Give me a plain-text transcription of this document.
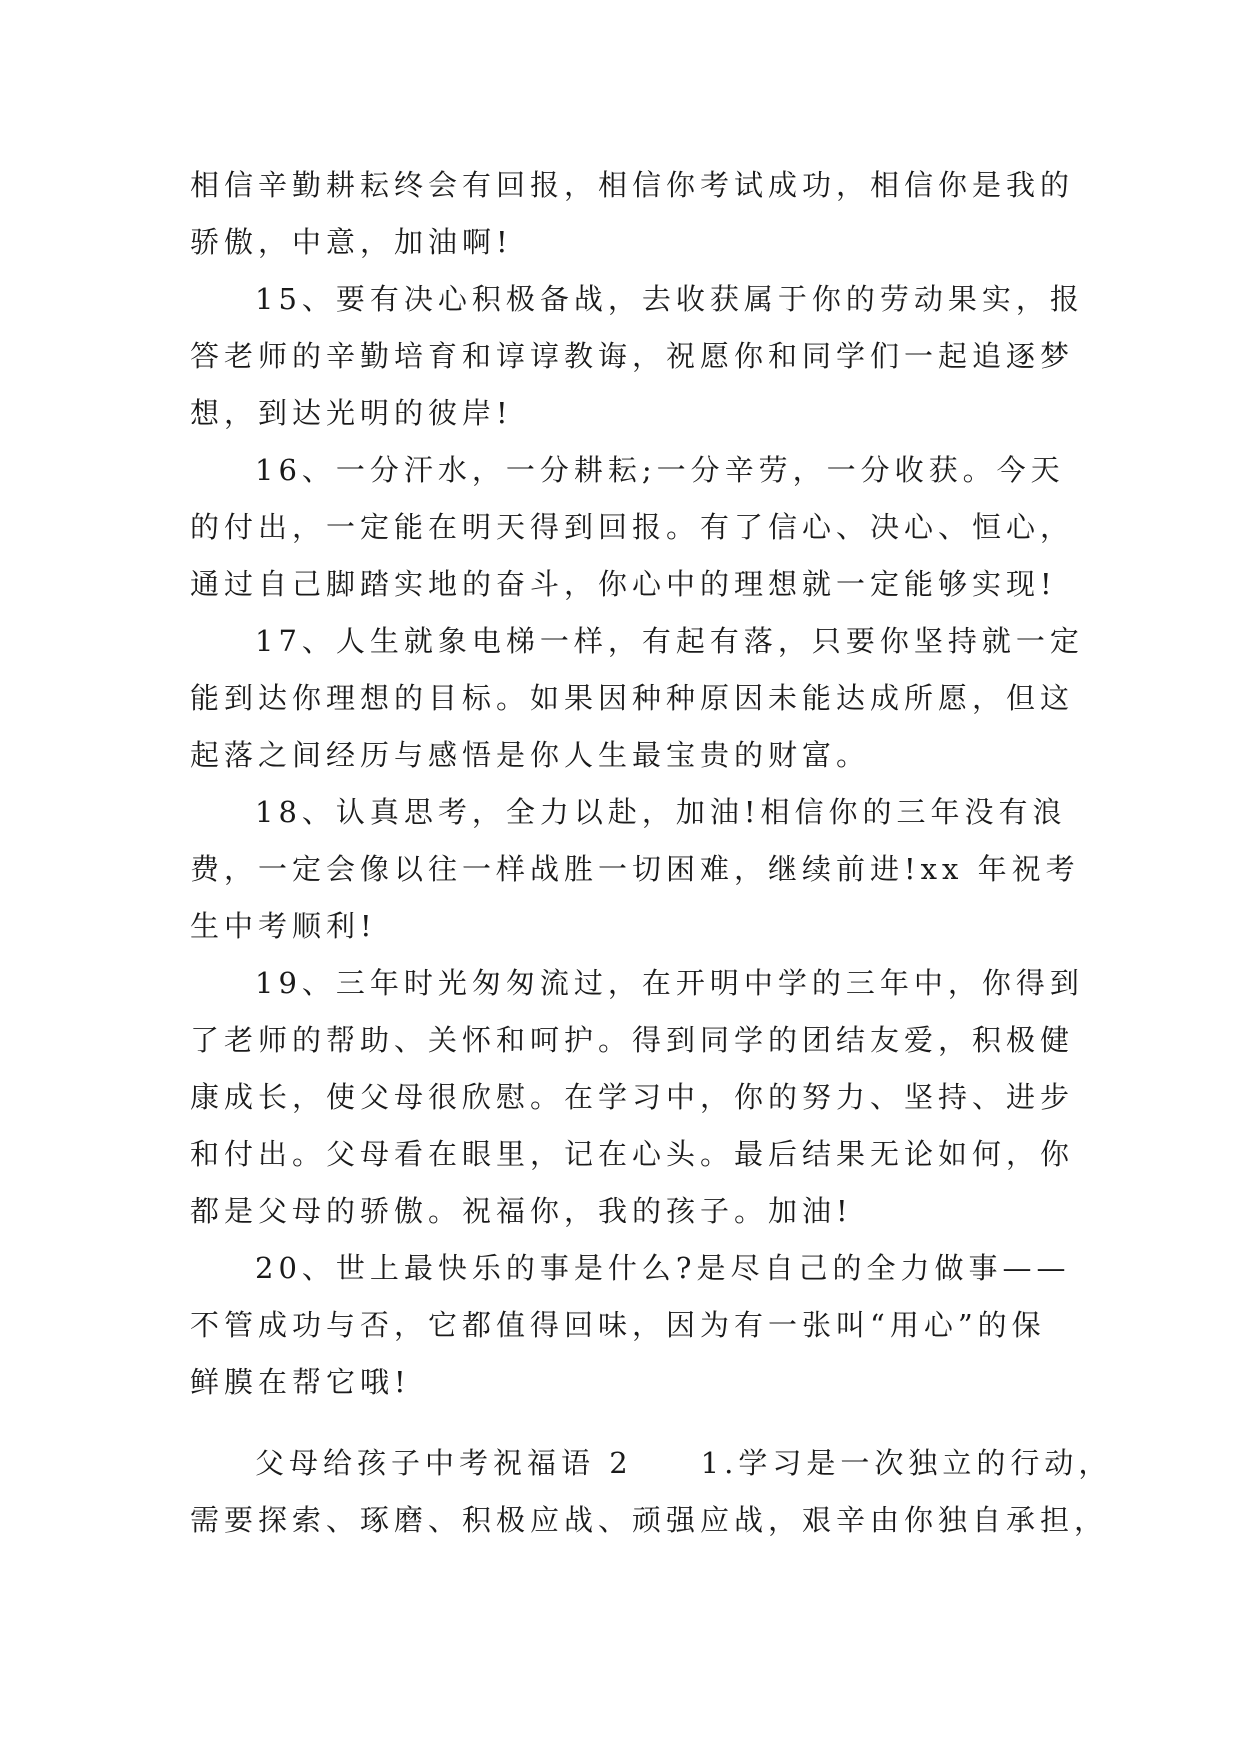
相信辛勤耕耘终会有回报，相信你考试成功，相信你是我的
骄傲，中意，加油啊!
15、要有决心积极备战，去收获属于你的劳动果实，报
答老师的辛勤培育和谆谆教诲，祝愿你和同学们一起追逐梦
想，到达光明的彼岸!
16、一分汗水，一分耕耘;一分辛劳，一分收获。今天
的付出，一定能在明天得到回报。有了信心、决心、恒心，
通过自己脚踏实地的奋斗，你心中的理想就一定能够实现!
17、人生就象电梯一样，有起有落，只要你坚持就一定
能到达你理想的目标。如果因种种原因未能达成所愿，但这
起落之间经历与感悟是你人生最宝贵的财富。
18、认真思考，全力以赴，加油!相信你的三年没有浪
费，一定会像以往一样战胜一切困难，继续前进!xx 年祝考
生中考顺利!
19、三年时光匆匆流过，在开明中学的三年中，你得到
了老师的帮助、关怀和呵护。得到同学的团结友爱，积极健
康成长，使父母很欣慰。在学习中，你的努力、坚持、进步
和付出。父母看在眼里，记在心头。最后结果无论如何，你
都是父母的骄傲。祝福你，我的孩子。加油!
20、世上最快乐的事是什么?是尽自己的全力做事——
不管成功与否，它都值得回味，因为有一张叫“用心”的保
鲜膜在帮它哦!
父母给孩子中考祝福语 2　　1.学习是一次独立的行动，
需要探索、琢磨、积极应战、顽强应战，艰辛由你独自承担，
